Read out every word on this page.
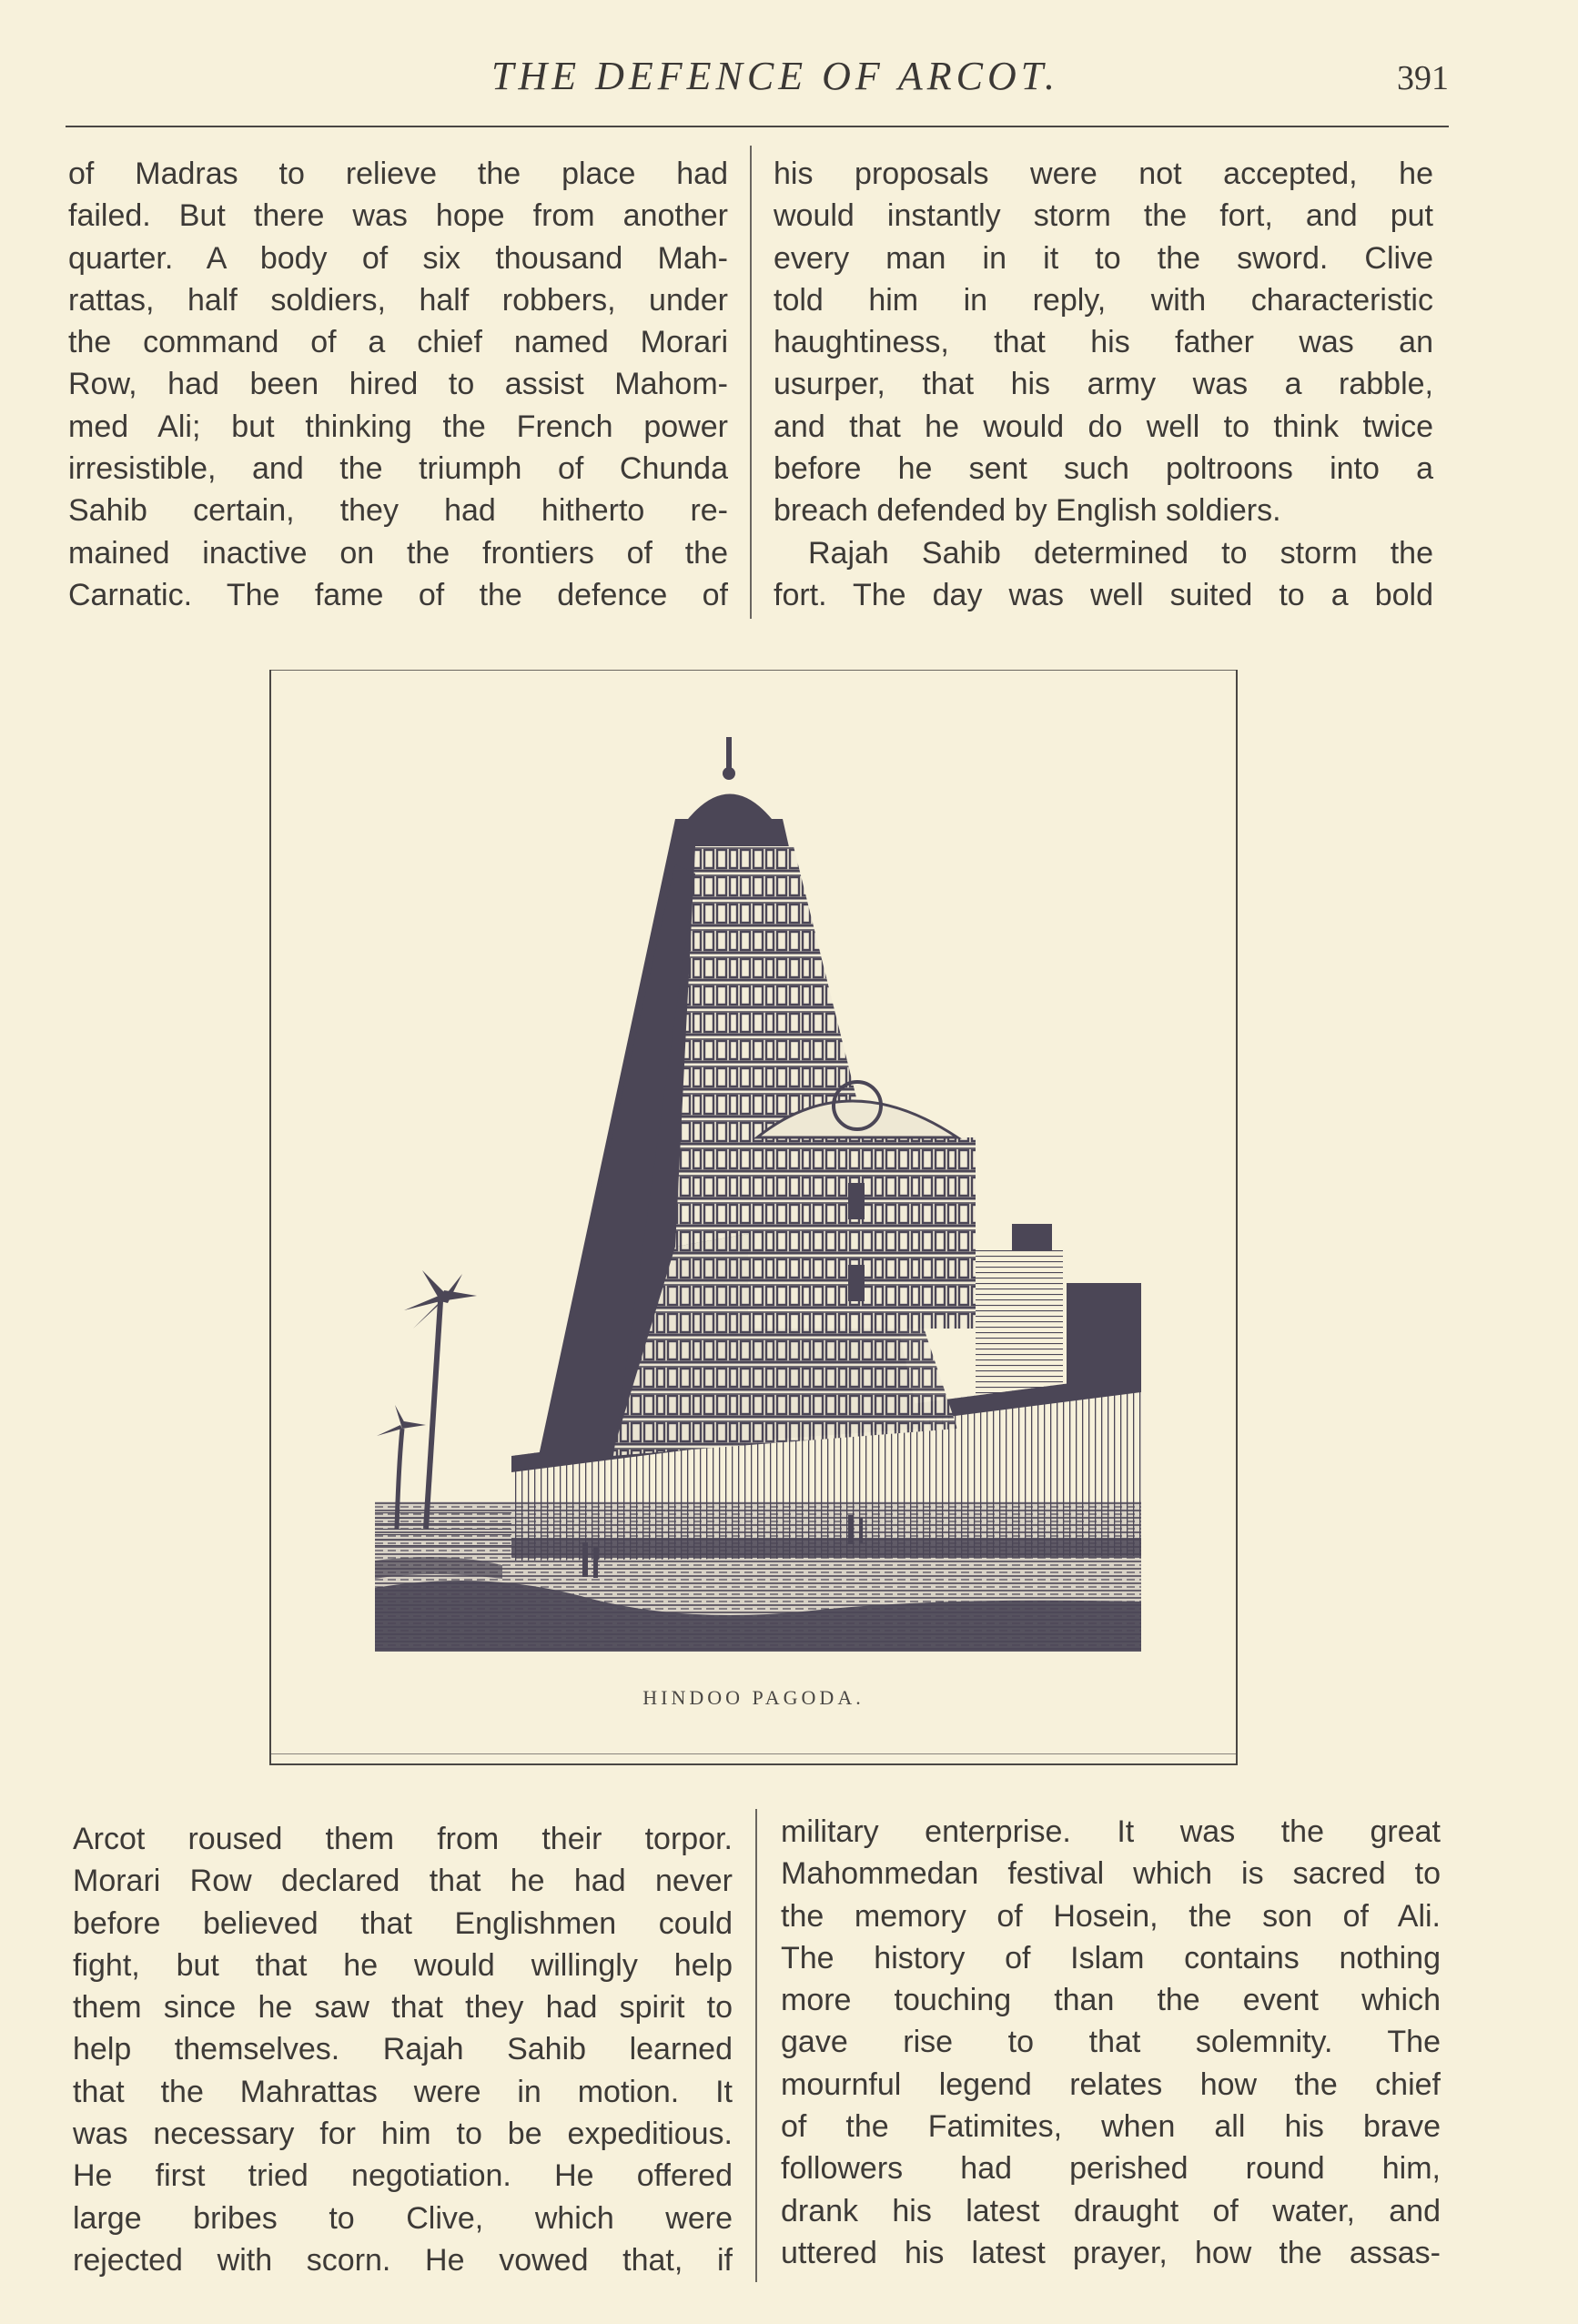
THE DEFENCE OF ARCOT.	391

of Madras to relieve the place had
failed. But there was hope from another
quarter. A body of six thousand Mah-
rattas, half soldiers, half robbers, under
the command of a chief named Morari
Row, had been hired to assist Mahom-
med Ali; but thinking the French power
irresistible, and the triumph of Chunda
Sahib certain, they had hitherto re-
mained inactive on the frontiers of the
Carnatic. The fame of the defence of

his proposals were not accepted, he
would instantly storm the fort, and put
every man in it to the sword. Clive
told him in reply, with characteristic
haughtiness, that his father was an
usurper, that his army was a rabble,
and that he would do well to think twice
before he sent such poltroons into a
breach defended by English soldiers.

Rajah Sahib determined to storm the
fort. The day was well suited to a bold

HINDOO PAGODA.

Arcot roused them from their torpor.
Morari Row declared that he had never
before believed that Englishmen could
fight, but that he would willingly help
them since he saw that they had spirit to
help themselves. Rajah Sahib learned
that the Mahrattas were in motion. It
was necessary for him to be expeditious.
He first tried negotiation. He offered
large bribes to Clive, which were
rejected with scorn. He vowed that, if

military enterprise. It was the great
Mahommedan festival which is sacred to
the memory of Hosein, the son of Ali.
The history of Islam contains nothing
more touching than the event which
gave rise to that solemnity. The
mournful legend relates how the chief
of the Fatimites, when all his brave
followers had perished round him,
drank his latest draught of water, and
uttered his latest prayer, how the assas-
